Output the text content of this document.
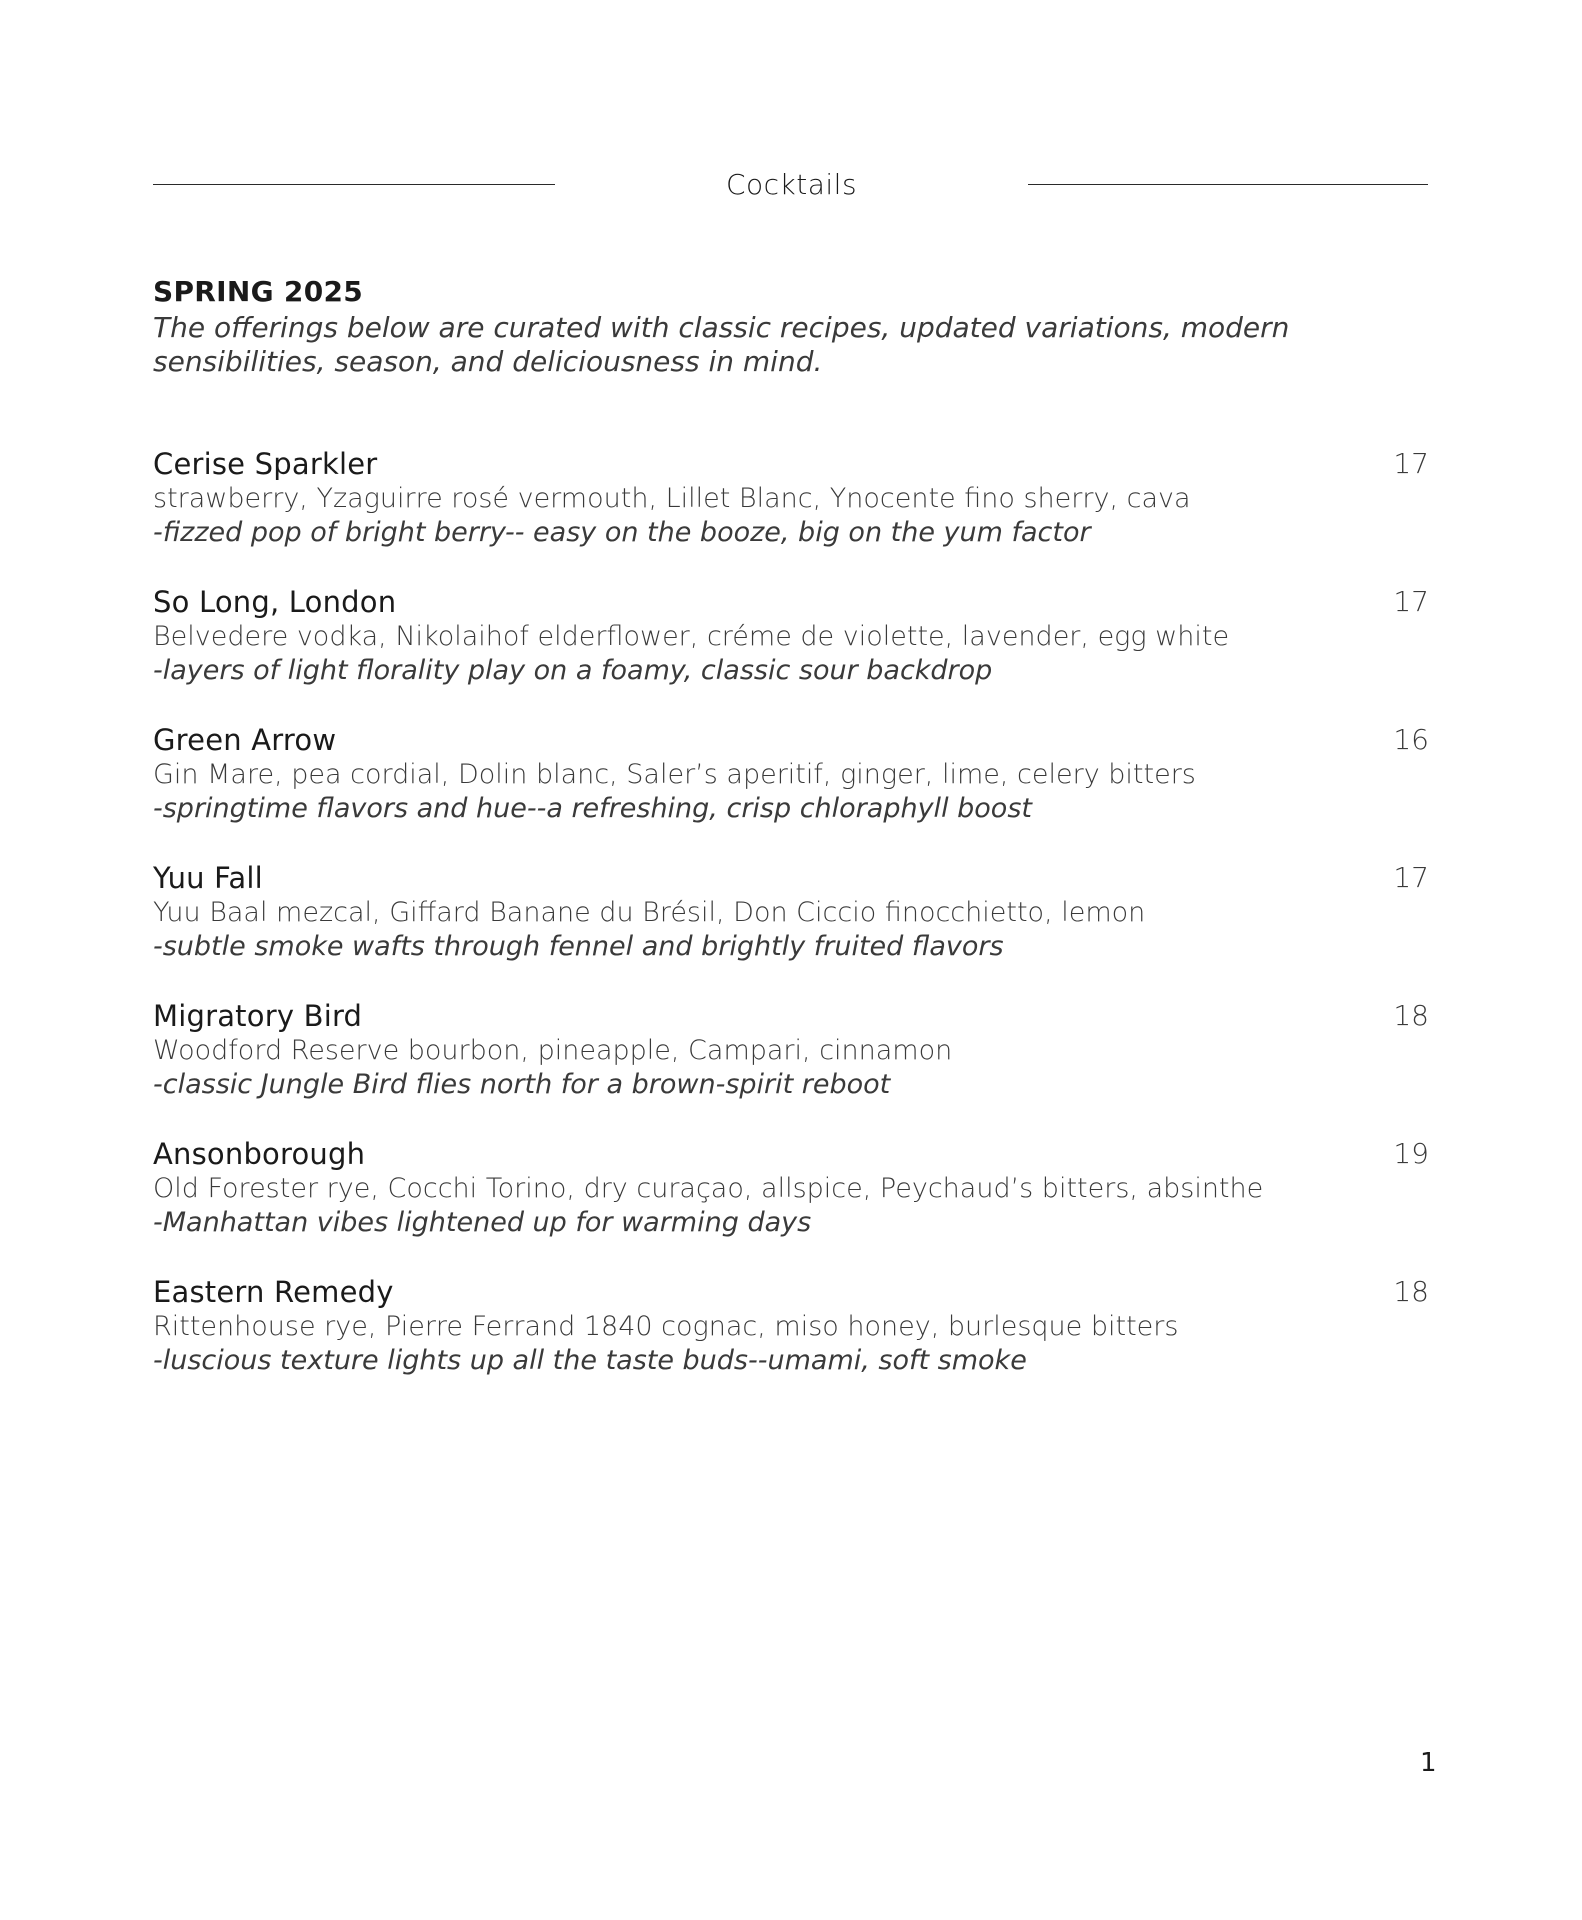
Cocktails
SPRING 2025
The offerings below are curated with classic recipes, updated variations, modern sensibilities, season, and deliciousness in mind.
Cerise Sparkler	17
strawberry, Yzaguirre rosé vermouth, Lillet Blanc, Ynocente fino sherry, cava
-fizzed pop of bright berry-- easy on the booze, big on the yum factor
So Long, London	17
Belvedere vodka, Nikolaihof elderflower, créme de violette, lavender, egg white
-layers of light florality play on a foamy, classic sour backdrop
Green Arrow	16
Gin Mare, pea cordial, Dolin blanc, Saler’s aperitif, ginger, lime, celery bitters
-springtime flavors and hue--a refreshing, crisp chloraphyll boost
Yuu Fall	17
Yuu Baal mezcal, Giffard Banane du Brésil, Don Ciccio finocchietto, lemon
-subtle smoke wafts through fennel and brightly fruited flavors
Migratory Bird	18
Woodford Reserve bourbon, pineapple, Campari, cinnamon
-classic Jungle Bird flies north for a brown-spirit reboot
Ansonborough	19
Old Forester rye, Cocchi Torino, dry curaçao, allspice, Peychaud’s bitters, absinthe
-Manhattan vibes lightened up for warming days
Eastern Remedy	18
Rittenhouse rye, Pierre Ferrand 1840 cognac, miso honey, burlesque bitters
-luscious texture lights up all the taste buds--umami, soft smoke
1
